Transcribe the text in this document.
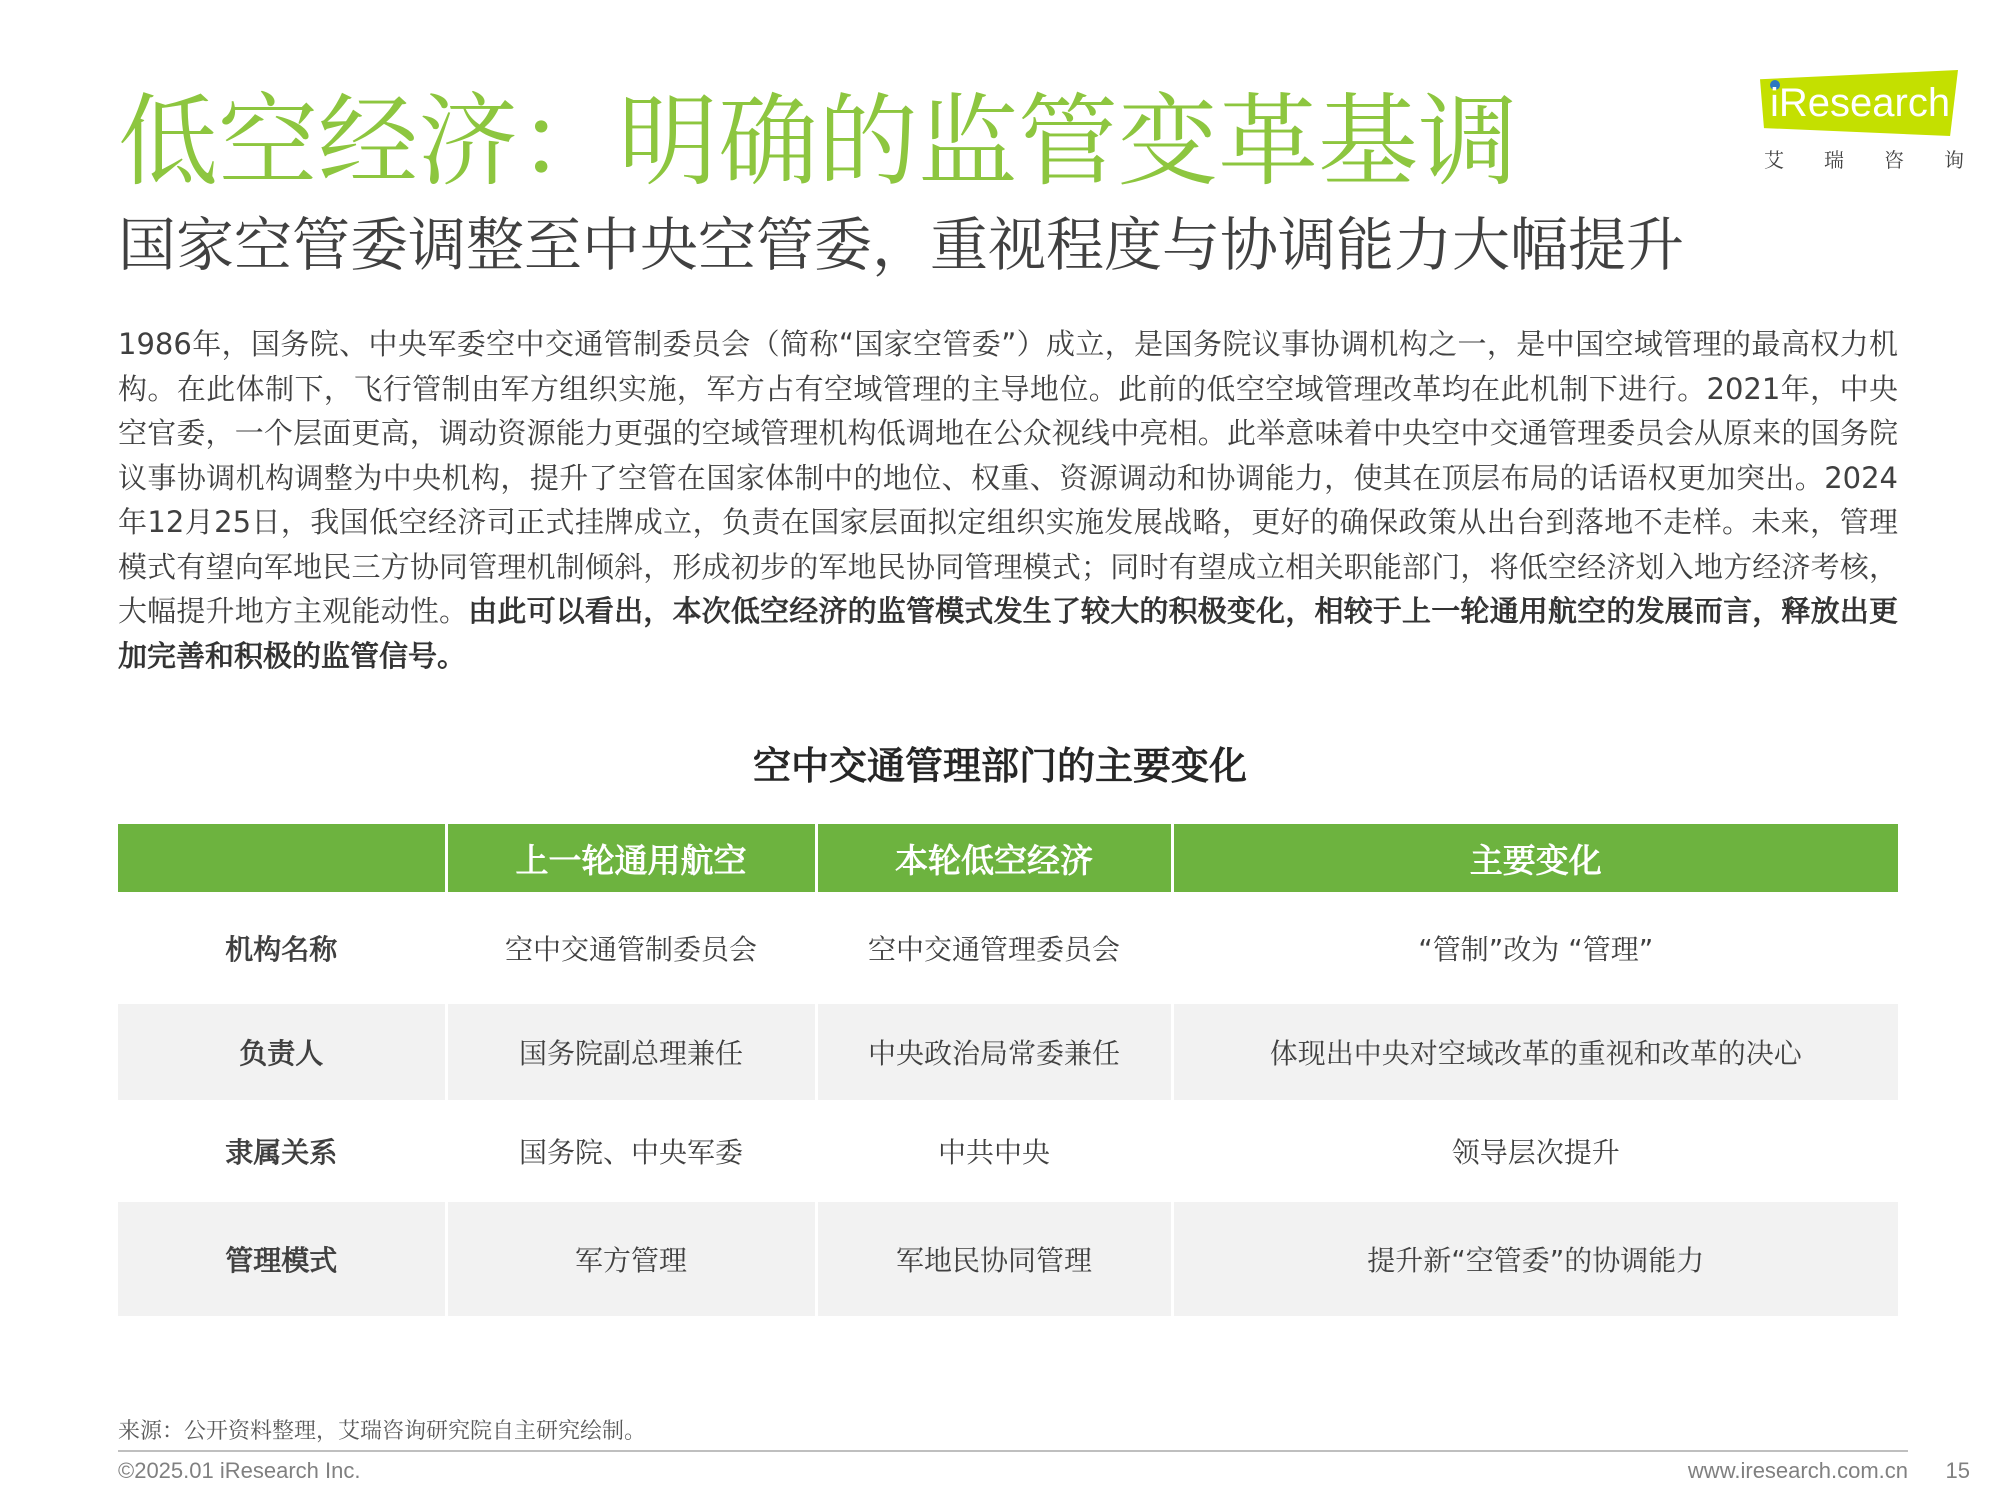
低空经济：明确的监管变革基调	iResearch
艾 瑞 咨 询
国家空管委调整至中央空管委，重视程度与协调能力大幅提升

1986年，国务院、中央军委空中交通管制委员会（简称“国家空管委”）成立，是国务院议事协调机构之一，是中国空域管理的最高权力机构。在此体制下，飞行管制由军方组织实施，军方占有空域管理的主导地位。此前的低空空域管理改革均在此机制下进行。2021年，中央空官委，一个层面更高，调动资源能力更强的空域管理机构低调地在公众视线中亮相。此举意味着中央空中交通管理委员会从原来的国务院议事协调机构调整为中央机构，提升了空管在国家体制中的地位、权重、资源调动和协调能力，使其在顶层布局的话语权更加突出。2024年12月25日，我国低空经济司正式挂牌成立，负责在国家层面拟定组织实施发展战略，更好的确保政策从出台到落地不走样。未来，管理模式有望向军地民三方协同管理机制倾斜，形成初步的军地民协同管理模式；同时有望成立相关职能部门，将低空经济划入地方经济考核，大幅提升地方主观能动性。由此可以看出，本次低空经济的监管模式发生了较大的积极变化，相较于上一轮通用航空的发展而言，释放出更加完善和积极的监管信号。

空中交通管理部门的主要变化
	上一轮通用航空	本轮低空经济	主要变化
机构名称	空中交通管制委员会	空中交通管理委员会	“管制”改为 “管理”
负责人	国务院副总理兼任	中央政治局常委兼任	体现出中央对空域改革的重视和改革的决心
隶属关系	国务院、中央军委	中共中央	领导层次提升
管理模式	军方管理	军地民协同管理	提升新“空管委”的协调能力
来源：公开资料整理，艾瑞咨询研究院自主研究绘制。
©2025.01 iResearch Inc.	www.iresearch.com.cn 15
